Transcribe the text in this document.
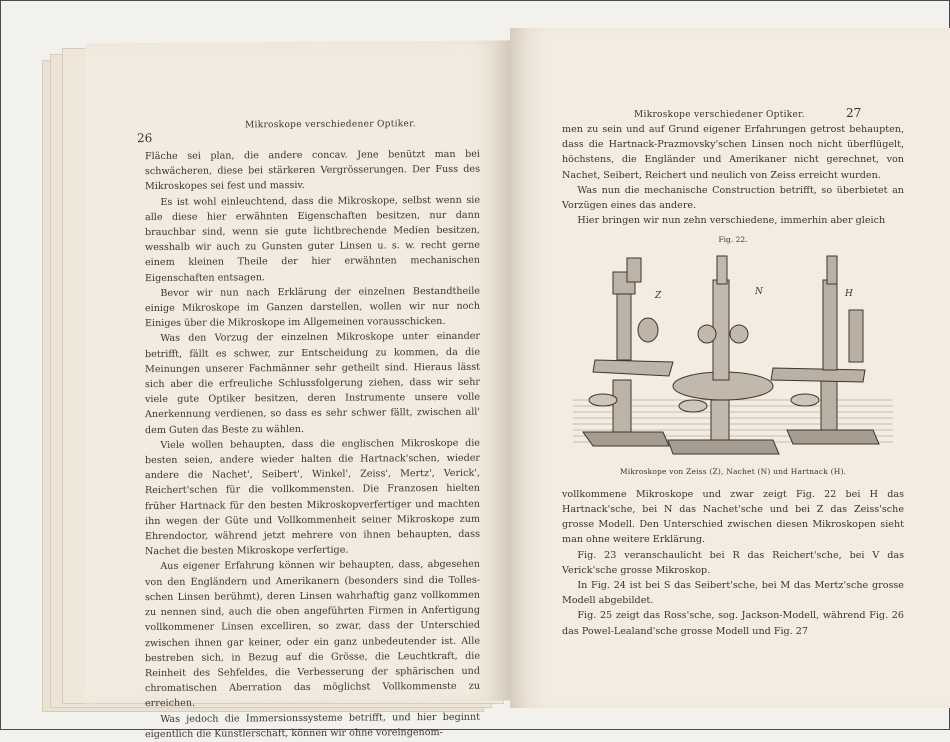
26
Mikroskope verschiedener Optiker.

Fläche sei plan, die andere concav. Jene benützt man bei schwächeren, diese bei stärkeren Vergrösserungen. Der Fuss des Mikroskopes sei fest und massiv.

Es ist wohl einleuchtend, dass die Mikroskope, selbst wenn sie alle diese hier erwähnten Eigenschaften besitzen, nur dann brauchbar sind, wenn sie gute lichtbrechende Medien besitzen, wesshalb wir auch zu Gunsten guter Linsen u. s. w. recht gerne einem kleinen Theile der hier erwähnten mechanischen Eigenschaften entsagen.

Bevor wir nun nach Erklärung der einzelnen Bestandtheile einige Mikroskope im Ganzen darstellen, wollen wir nur noch Einiges über die Mikroskope im Allgemeinen vorausschicken.

Was den Vorzug der einzelnen Mikroskope unter einander betrifft, fällt es schwer, zur Entscheidung zu kommen, da die Meinungen unserer Fachmänner sehr getheilt sind. Hieraus lässt sich aber die erfreuliche Schlussfolgerung ziehen, dass wir sehr viele gute Optiker besitzen, deren Instrumente unsere volle Anerkennung verdienen, so dass es sehr schwer fällt, zwischen all' dem Guten das Beste zu wählen.

Viele wollen behaupten, dass die englischen Mikroskope die besten seien, andere wieder halten die Hartnack'schen, wieder andere die Nachet', Seibert', Winkel', Zeiss', Mertz', Verick', Reichert'schen für die vollkommensten. Die Franzosen hielten früher Hartnack für den besten Mikroskopverfertiger und machten ihn wegen der Güte und Vollkommenheit seiner Mikroskope zum Ehrendoctor, während jetzt mehrere von ihnen behaupten, dass Nachet die besten Mikroskope verfertige.

Aus eigener Erfahrung können wir behaupten, dass, abgesehen von den Engländern und Amerikanern (besonders sind die Tolles-schen Linsen berühmt), deren Linsen wahrhaftig ganz vollkommen zu nennen sind, auch die oben angeführten Firmen in Anfertigung vollkommener Linsen excelliren, so zwar, dass der Unterschied zwischen ihnen gar keiner, oder ein ganz unbedeutender ist. Alle bestreben sich, in Bezug auf die Grösse, die Leuchtkraft, die Reinheit des Sehfeldes, die Verbesserung der sphärischen und chromatischen Aberration das möglichst Vollkommenste zu erreichen.

Was jedoch die Immersionssysteme betrifft, und hier beginnt eigentlich die Künstlerschaft, können wir ohne voreingenom-

Mikroskope verschiedener Optiker.	27

men zu sein und auf Grund eigener Erfahrungen getrost behaupten, dass die Hartnack-Prazmovsky'schen Linsen noch nicht überflügelt, höchstens, die Engländer und Amerikaner nicht gerechnet, von Nachet, Seibert, Reichert und neulich von Zeiss erreicht wurden.

Was nun die mechanische Construction betrifft, so überbietet an Vorzügen eines das andere.

Hier bringen wir nun zehn verschiedene, immerhin aber gleich

Fig. 22.
Z	N	H
Mikroskope von Zeiss (Z), Nachet (N) und Hartnack (H).

vollkommene Mikroskope und zwar zeigt Fig. 22 bei H das Hartnack'sche, bei N das Nachet'sche und bei Z das Zeiss'sche grosse Modell. Den Unterschied zwischen diesen Mikroskopen sieht man ohne weitere Erklärung.

Fig. 23 veranschaulicht bei R das Reichert'sche, bei V das Verick'sche grosse Mikroskop.

In Fig. 24 ist bei S das Seibert'sche, bei M das Mertz'sche grosse Modell abgebildet.

Fig. 25 zeigt das Ross'sche, sog. Jackson-Modell, während Fig. 26 das Powel-Lealand'sche grosse Modell und Fig. 27
